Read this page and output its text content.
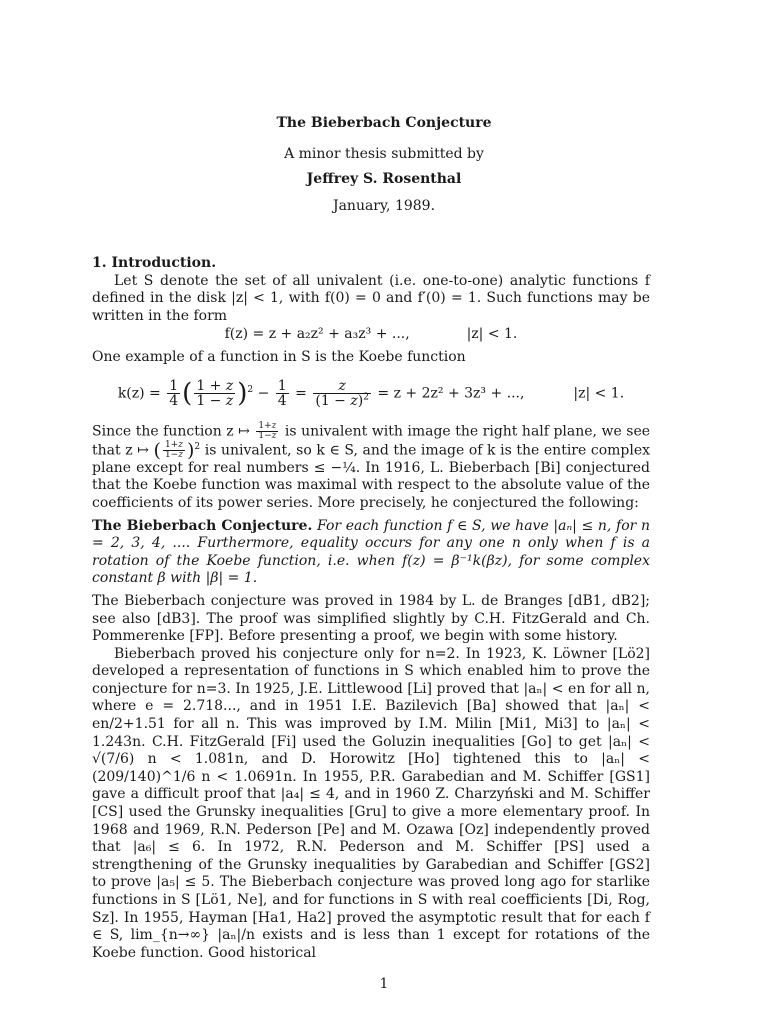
The Bieberbach Conjecture
A minor thesis submitted by
Jeffrey S. Rosenthal
January, 1989.

1. Introduction.

Let S denote the set of all univalent (i.e. one-to-one) analytic functions f defined in the disk |z| < 1, with f(0) = 0 and f′(0) = 1. Such functions may be written in the form

f(z) = z + a₂z² + a₃z³ + ...,	|z| < 1.

One example of a function in S is the Koebe function

$k(z) = \frac{1}{4}$ ( $\frac{1 + z}{1 - z} )^2 - \frac{1}{4} = \frac{z}{(1 - z)^2} = z + 2z^2 + 3z^3$ + ...,	|z| < 1.

Since the function z ↦ $\frac{1+z}{1-z}$ is univalent with image the right half plane, we see that z ↦ ( $\frac{1+z}{1-z} )^2$ is univalent, so k ∈ S, and the image of k is the entire complex plane except for real numbers ≤ −¼. In 1916, L. Bieberbach [Bi] conjectured that the Koebe function was maximal with respect to the absolute value of the coefficients of its power series. More precisely, he conjectured the following:

The Bieberbach Conjecture. For each function f ∈ S, we have |aₙ| ≤ n, for n = 2, 3, 4, .... Furthermore, equality occurs for any one n only when f is a rotation of the Koebe function, i.e. when f(z) = β⁻¹k(βz), for some complex constant β with |β| = 1.

The Bieberbach conjecture was proved in 1984 by L. de Branges [dB1, dB2]; see also [dB3]. The proof was simplified slightly by C.H. FitzGerald and Ch. Pommerenke [FP]. Before presenting a proof, we begin with some history.

Bieberbach proved his conjecture only for n=2. In 1923, K. Löwner [Lö2] developed a representation of functions in S which enabled him to prove the conjecture for n=3. In 1925, J.E. Littlewood [Li] proved that |aₙ| < en for all n, where e = 2.718..., and in 1951 I.E. Bazilevich [Ba] showed that |aₙ| < en/2+1.51 for all n. This was improved by I.M. Milin [Mi1, Mi3] to |aₙ| < 1.243n. C.H. FitzGerald [Fi] used the Goluzin inequalities [Go] to get |aₙ| < √(7/6) n < 1.081n, and D. Horowitz [Ho] tightened this to |aₙ| < (209/140)^1/6 n < 1.0691n. In 1955, P.R. Garabedian and M. Schiffer [GS1] gave a difficult proof that |a₄| ≤ 4, and in 1960 Z. Charzyński and M. Schiffer [CS] used the Grunsky inequalities [Gru] to give a more elementary proof. In 1968 and 1969, R.N. Pederson [Pe] and M. Ozawa [Oz] independently proved that |a₆| ≤ 6. In 1972, R.N. Pederson and M. Schiffer [PS] used a strengthening of the Grunsky inequalities by Garabedian and Schiffer [GS2] to prove |a₅| ≤ 5. The Bieberbach conjecture was proved long ago for starlike functions in S [Lö1, Ne], and for functions in S with real coefficients [Di, Rog, Sz]. In 1955, Hayman [Ha1, Ha2] proved the asymptotic result that for each f ∈ S, lim_{n→∞} |aₙ|/n exists and is less than 1 except for rotations of the Koebe function. Good historical

1
